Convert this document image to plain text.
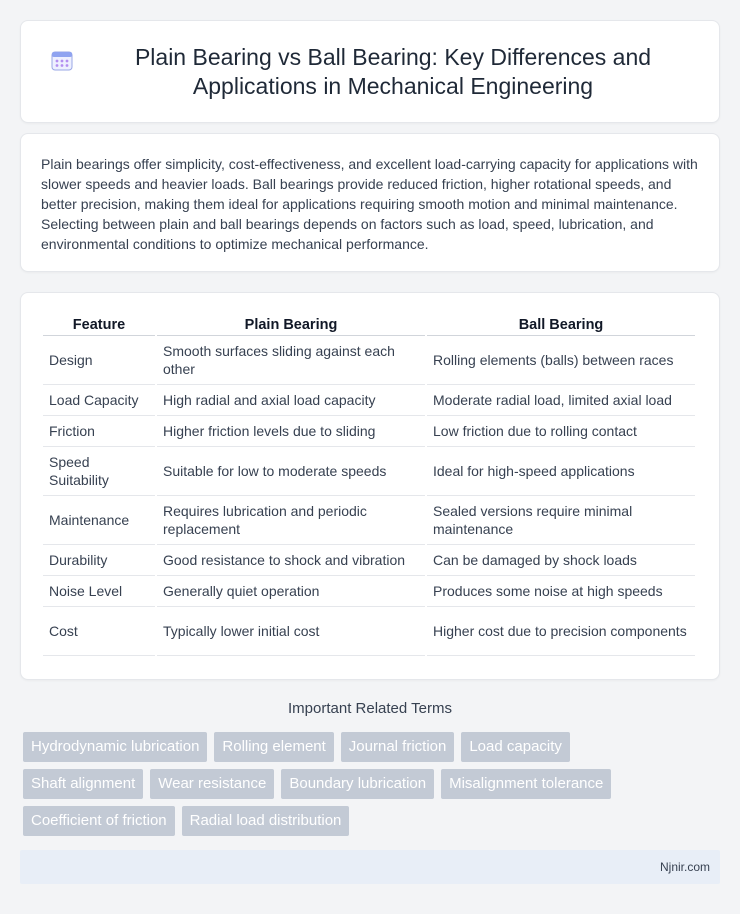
Plain Bearing vs Ball Bearing: Key Differences and Applications in Mechanical Engineering

Plain bearings offer simplicity, cost-effectiveness, and excellent load-carrying capacity for applications with slower speeds and heavier loads. Ball bearings provide reduced friction, higher rotational speeds, and better precision, making them ideal for applications requiring smooth motion and minimal maintenance. Selecting between plain and ball bearings depends on factors such as load, speed, lubrication, and environmental conditions to optimize mechanical performance.

Feature	Plain Bearing	Ball Bearing
Design	Smooth surfaces sliding against each other	Rolling elements (balls) between races
Load Capacity	High radial and axial load capacity	Moderate radial load, limited axial load
Friction	Higher friction levels due to sliding	Low friction due to rolling contact
Speed Suitability	Suitable for low to moderate speeds	Ideal for high-speed applications
Maintenance	Requires lubrication and periodic replacement	Sealed versions require minimal maintenance
Durability	Good resistance to shock and vibration	Can be damaged by shock loads
Noise Level	Generally quiet operation	Produces some noise at high speeds
Cost	Typically lower initial cost	Higher cost due to precision components
Important Related Terms
Hydrodynamic lubrication	Rolling element	Journal friction	Load capacity
Shaft alignment	Wear resistance	Boundary lubrication	Misalignment tolerance
Coefficient of friction	Radial load distribution
Njnir.com
